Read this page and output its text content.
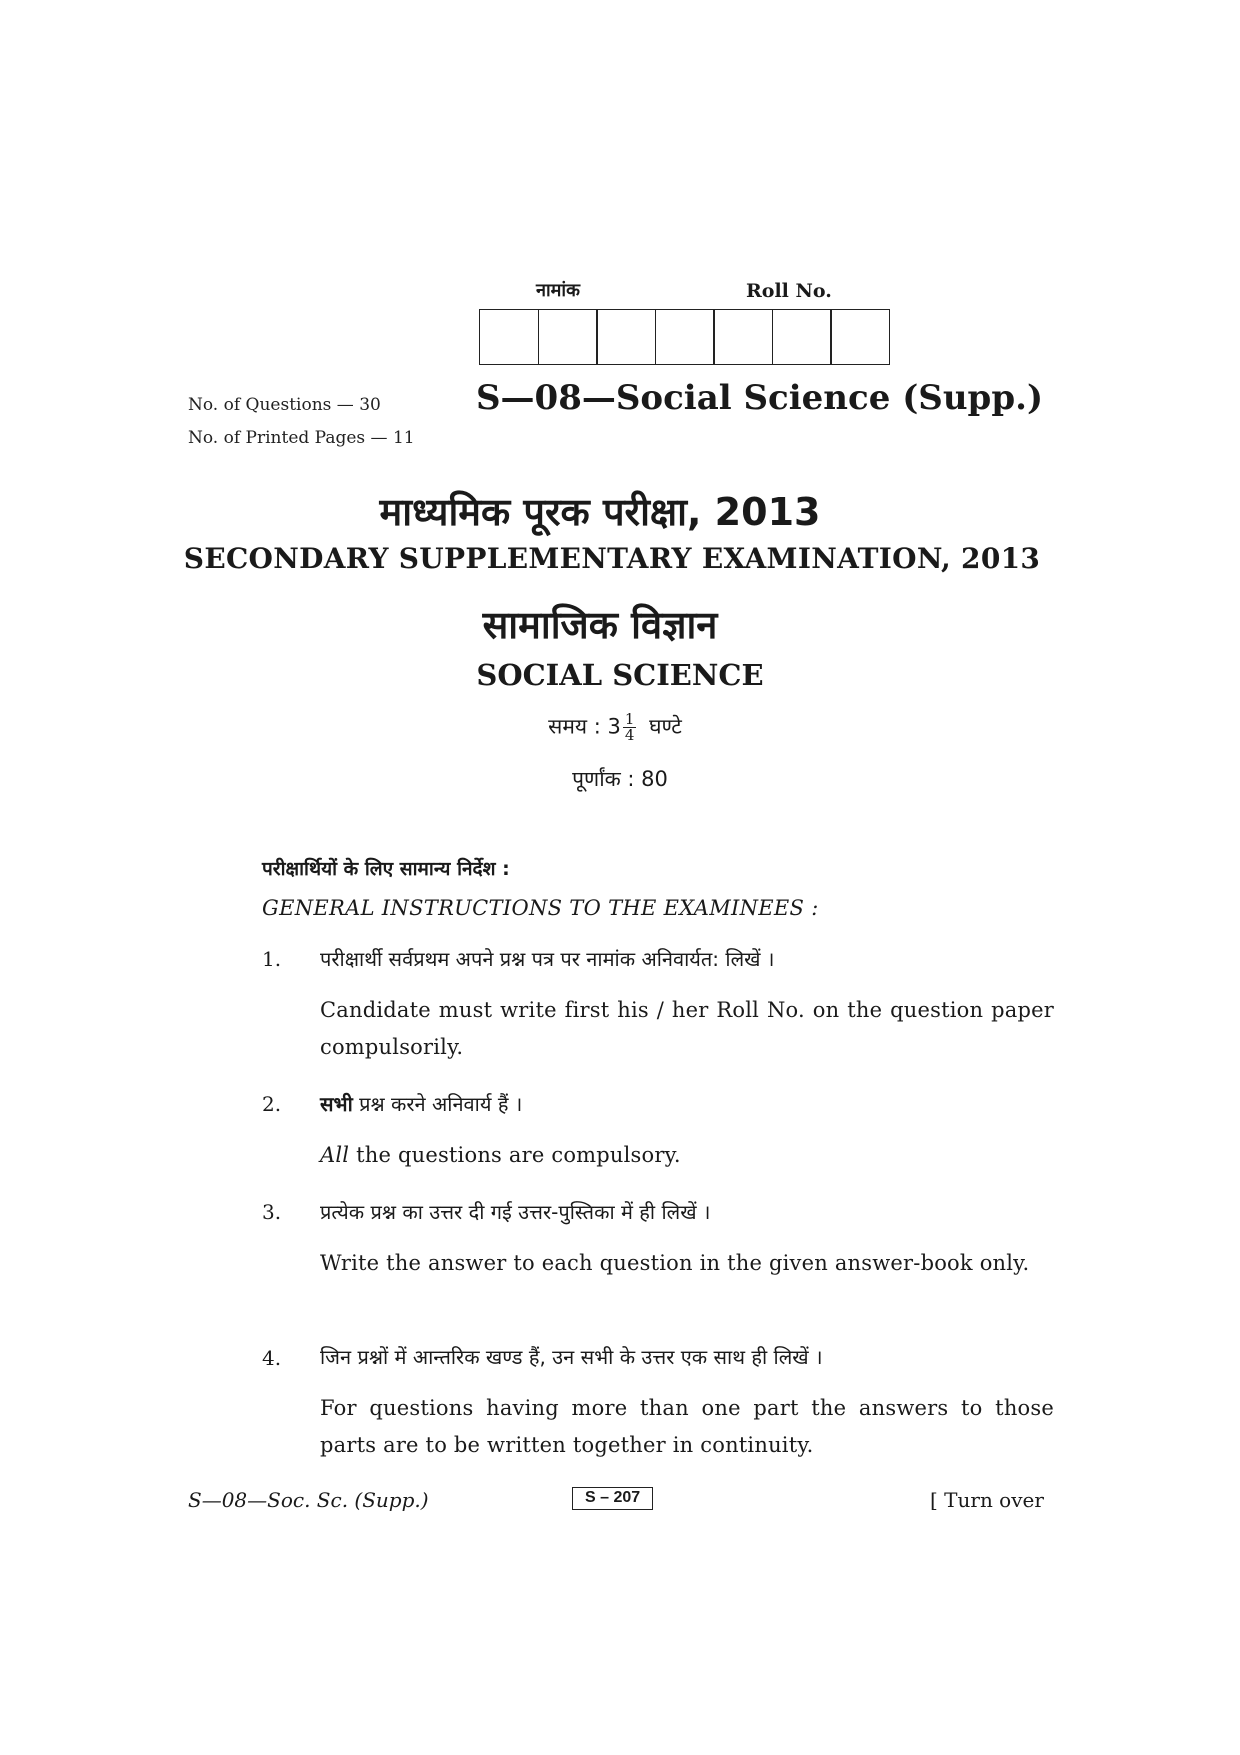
नामांक	Roll No.
No. of Questions — 30
No. of Printed Pages — 11
S—08—Social Science (Supp.)
माध्यमिक पूरक परीक्षा, 2013
SECONDARY SUPPLEMENTARY EXAMINATION, 2013
सामाजिक विज्ञान
SOCIAL SCIENCE
समय : $3 \frac{1}{4}$ घण्टे
पूर्णांक : 80
परीक्षार्थियों के लिए सामान्य निर्देश :
GENERAL INSTRUCTIONS TO THE EXAMINEES :
1. परीक्षार्थी सर्वप्रथम अपने प्रश्न पत्र पर नामांक अनिवार्यत: लिखें ।
Candidate must write first his / her Roll No. on the question paper compulsorily.
2. सभी प्रश्न करने अनिवार्य हैं ।
All the questions are compulsory.
3. प्रत्येक प्रश्न का उत्तर दी गई उत्तर-पुस्तिका में ही लिखें ।
Write the answer to each question in the given answer-book only.
4. जिन प्रश्नों में आन्तरिक खण्ड हैं, उन सभी के उत्तर एक साथ ही लिखें ।
For questions having more than one part the answers to those parts are to be written together in continuity.
S—08—Soc. Sc. (Supp.)	S – 207	[ Turn over
